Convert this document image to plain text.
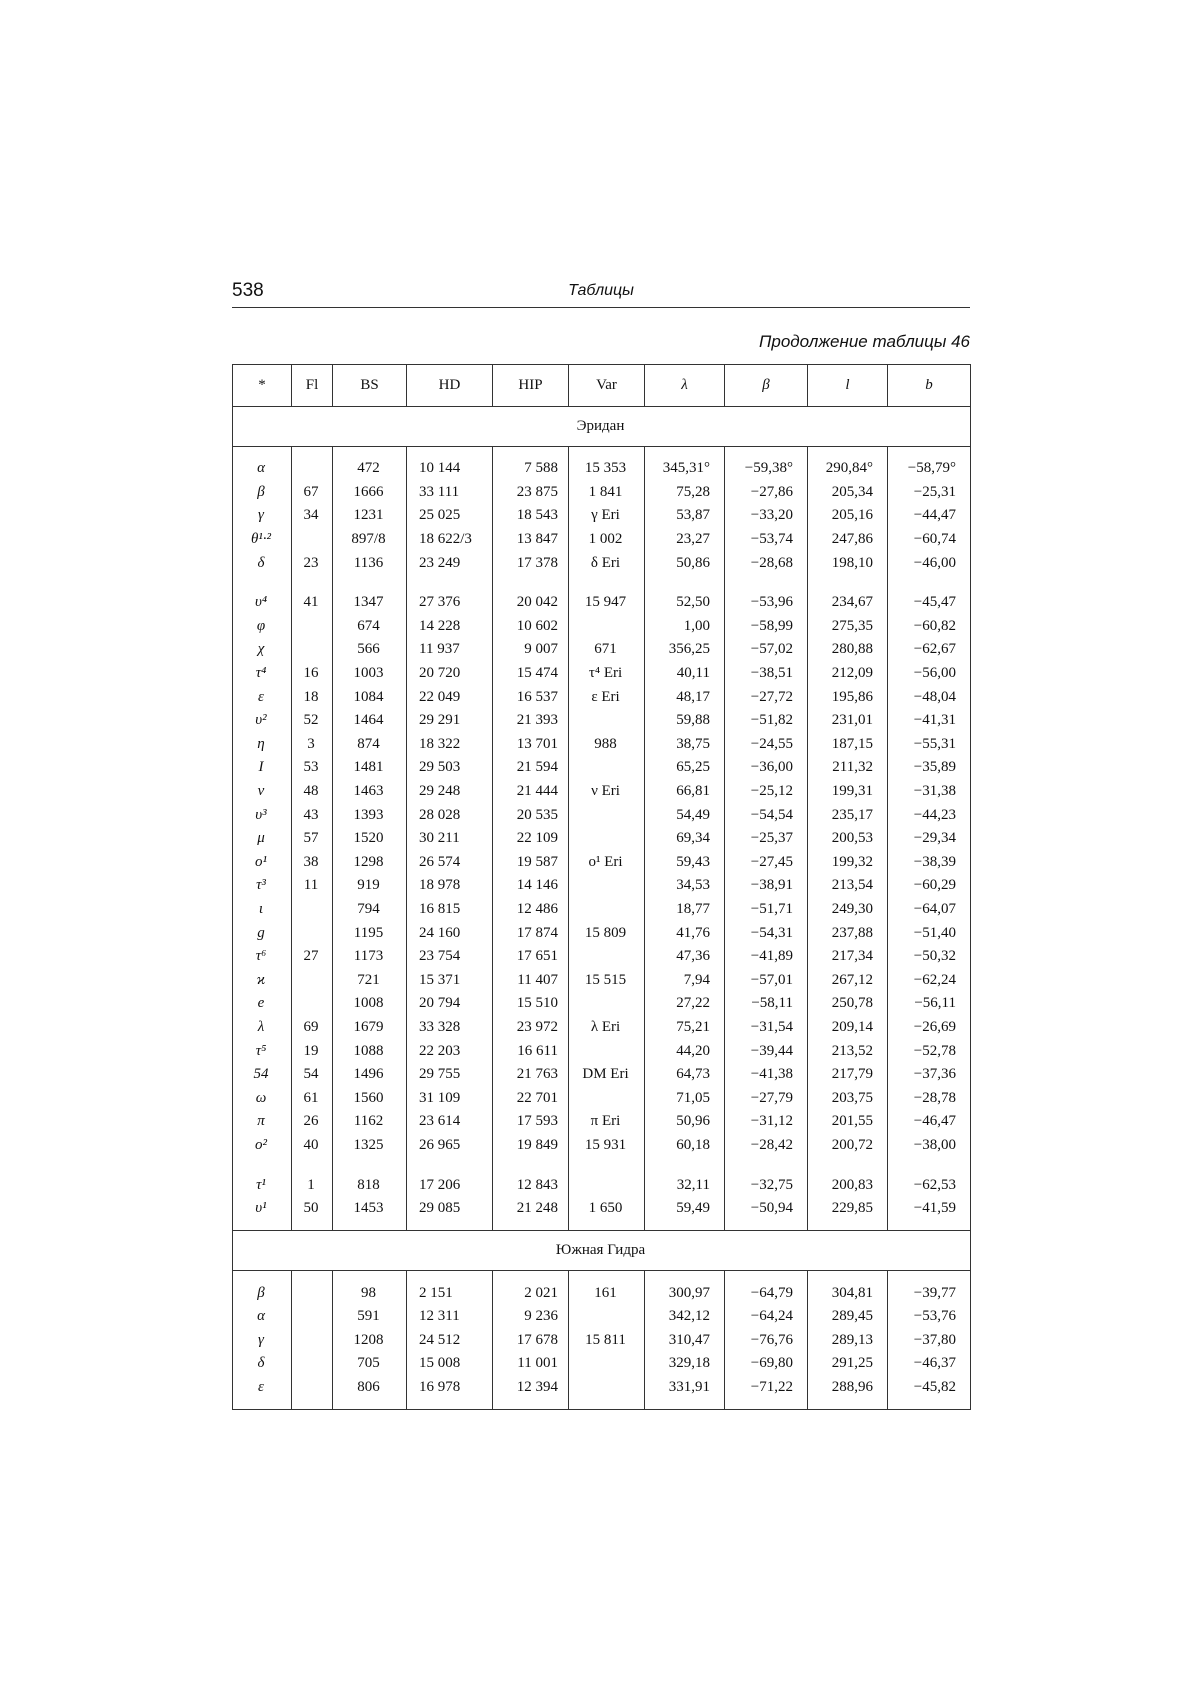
538	Таблицы
Продолжение таблицы 46
*	Fl	BS	HD	HIP	Var	λ	β	l	b
Эридан									

α		472	10 144	7 588	15 353	345,31°	−59,38°	290,84°	−58,79°
β	67	1666	33 111	23 875	1 841	75,28	−27,86	205,34	−25,31
γ	34	1231	25 025	18 543	γ Eri	53,87	−33,20	205,16	−44,47
θ¹·²		897/8	18 622/3	13 847	1 002	23,27	−53,74	247,86	−60,74
δ	23	1136	23 249	17 378	δ Eri	50,86	−28,68	198,10	−46,00

υ⁴	41	1347	27 376	20 042	15 947	52,50	−53,96	234,67	−45,47
φ		674	14 228	10 602		1,00	−58,99	275,35	−60,82
χ		566	11 937	9 007	671	356,25	−57,02	280,88	−62,67
τ⁴	16	1003	20 720	15 474	τ⁴ Eri	40,11	−38,51	212,09	−56,00
ε	18	1084	22 049	16 537	ε Eri	48,17	−27,72	195,86	−48,04
υ²	52	1464	29 291	21 393		59,88	−51,82	231,01	−41,31
η	3	874	18 322	13 701	988	38,75	−24,55	187,15	−55,31
I	53	1481	29 503	21 594		65,25	−36,00	211,32	−35,89
ν	48	1463	29 248	21 444	ν Eri	66,81	−25,12	199,31	−31,38
υ³	43	1393	28 028	20 535		54,49	−54,54	235,17	−44,23
μ	57	1520	30 211	22 109		69,34	−25,37	200,53	−29,34
o¹	38	1298	26 574	19 587	o¹ Eri	59,43	−27,45	199,32	−38,39
τ³	11	919	18 978	14 146		34,53	−38,91	213,54	−60,29
ι		794	16 815	12 486		18,77	−51,71	249,30	−64,07
g		1195	24 160	17 874	15 809	41,76	−54,31	237,88	−51,40
τ⁶	27	1173	23 754	17 651		47,36	−41,89	217,34	−50,32
ϰ		721	15 371	11 407	15 515	7,94	−57,01	267,12	−62,24
e		1008	20 794	15 510		27,22	−58,11	250,78	−56,11
λ	69	1679	33 328	23 972	λ Eri	75,21	−31,54	209,14	−26,69
τ⁵	19	1088	22 203	16 611		44,20	−39,44	213,52	−52,78
54	54	1496	29 755	21 763	DM Eri	64,73	−41,38	217,79	−37,36
ω	61	1560	31 109	22 701		71,05	−27,79	203,75	−28,78
π	26	1162	23 614	17 593	π Eri	50,96	−31,12	201,55	−46,47
o²	40	1325	26 965	19 849	15 931	60,18	−28,42	200,72	−38,00

τ¹	1	818	17 206	12 843		32,11	−32,75	200,83	−62,53
υ¹	50	1453	29 085	21 248	1 650	59,49	−50,94	229,85	−41,59

Южная Гидра									

β		98	2 151	2 021	161	300,97	−64,79	304,81	−39,77
α		591	12 311	9 236		342,12	−64,24	289,45	−53,76
γ		1208	24 512	17 678	15 811	310,47	−76,76	289,13	−37,80
δ		705	15 008	11 001		329,18	−69,80	291,25	−46,37
ε		806	16 978	12 394		331,91	−71,22	288,96	−45,82
